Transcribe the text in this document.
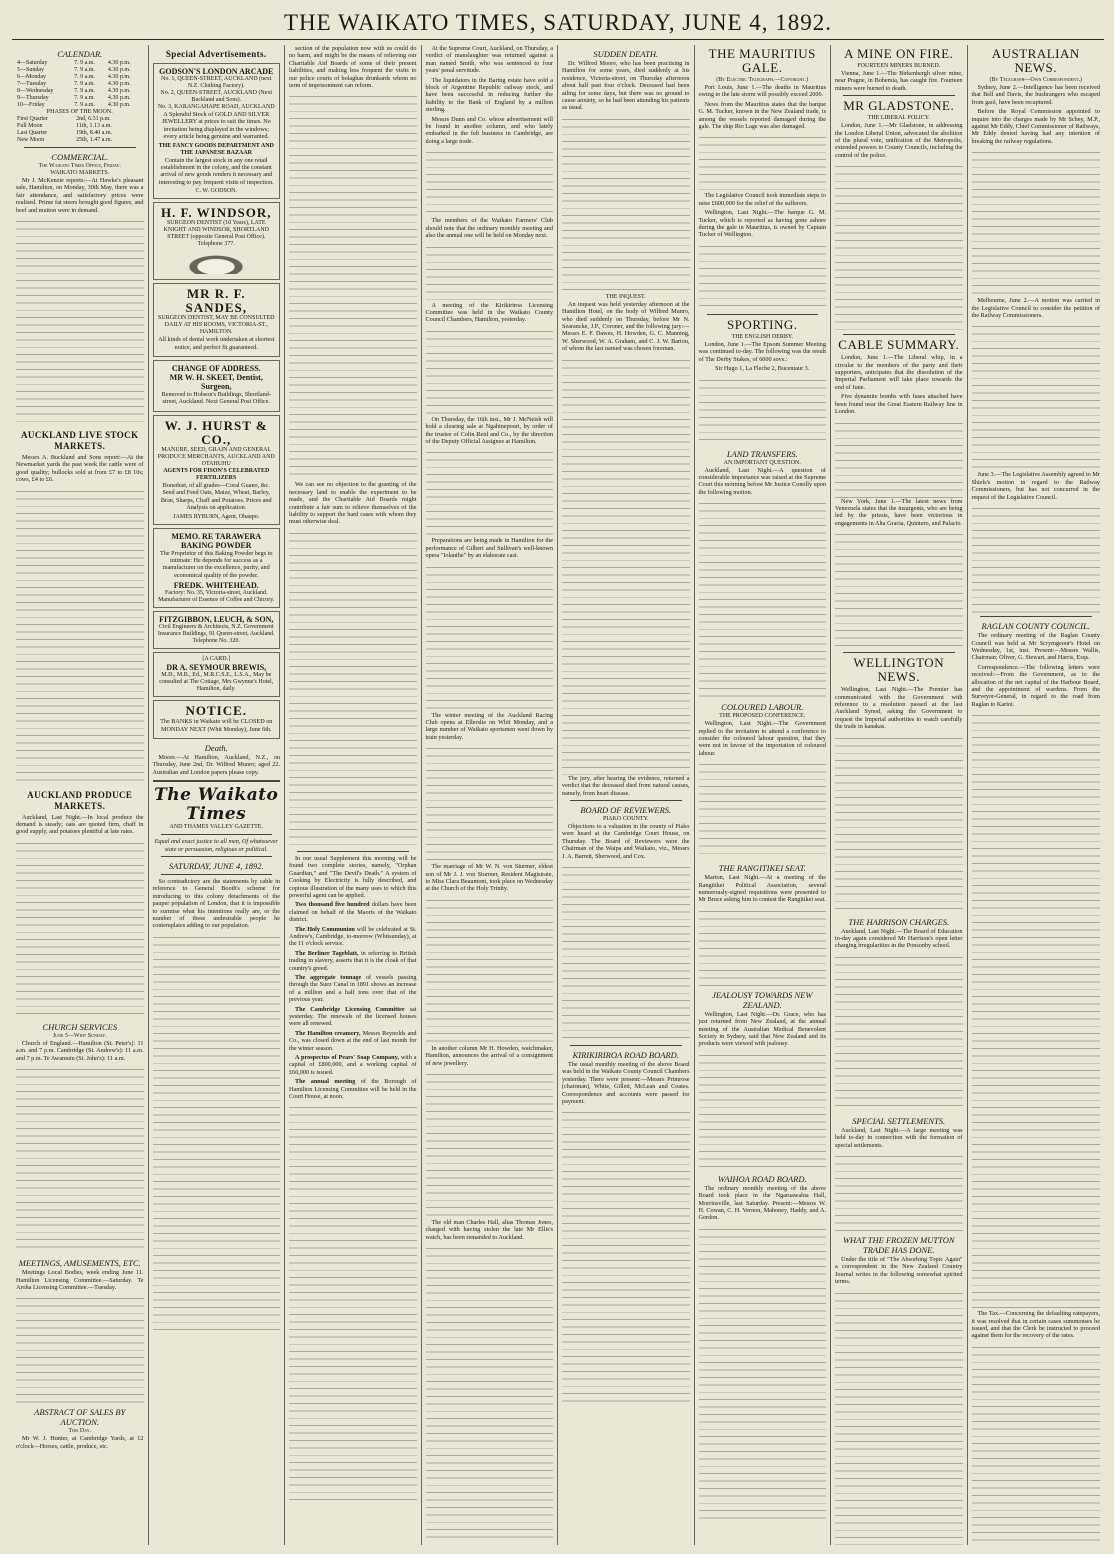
THE WAIKATO TIMES, SATURDAY, JUNE 4, 1892.
CALENDAR.
4—Saturday	7. 9 a.m.	4.30 p.m.
5—Sunday	7. 9 a.m.	4.30 p.m.
6—Monday	7. 9 a.m.	4.30 p.m.
7—Tuesday	7. 9 a.m.	4.30 p.m.
8—Wednesday	7. 9 a.m.	4.30 p.m.
9—Thursday	7. 9 a.m.	4.30 p.m.
10—Friday	7. 9 a.m.	4.30 p.m.
PHASES OF THE MOON.
First Quarter	2nd, 6.31 p.m.
Full Moon	11th, 1.13 a.m.
Last Quarter	19th, 8.40 a.m.
New Moon	25th, 1.47 a.m.
COMMERCIAL.
The Waikato Times Office, Friday.
WAIKATO MARKETS.

Mr J. McKenzie reports:—At Hawke's pleasant sale, Hamilton, on Monday, 30th May, there was a fair attendance, and satisfactory prices were realised. Prime fat steers brought good figures, and beef and mutton were in demand.

AUCKLAND LIVE STOCK MARKETS.

Messrs A. Buckland and Sons report:—At the Newmarket yards the past week the cattle were of good quality; bullocks sold at from £7 to £8 10s; cows, £4 to £6.

AUCKLAND PRODUCE MARKETS.

Auckland, Last Night.—In local produce the demand is steady; oats are quoted firm, chaff in good supply, and potatoes plentiful at late rates.

CHURCH SERVICES
June 5—Whit Sunday.

Church of England.—Hamilton (St. Peter's): 11 a.m. and 7 p.m. Cambridge (St. Andrew's): 11 a.m. and 7 p.m. Te Awamutu (St. John's): 11 a.m.

MEETINGS, AMUSEMENTS, ETC.

Meetings Local Bodies, week ending June 11. Hamilton Licensing Committee.—Saturday. Te Aroha Licensing Committee.—Tuesday.

ABSTRACT OF SALES BY AUCTION.
This Day.

Mr W. J. Hunter, at Cambridge Yards, at 12 o'clock—Horses, cattle, produce, etc.

Special Advertisements.
GODSON'S LONDON ARCADE
No. 1, QUEEN-STREET, AUCKLAND (next N.Z. Clothing Factory).
No. 2, QUEEN-STREET, AUCKLAND (Next Buckland and Sons).
No. 3, KARANGAHAPE ROAD, AUCKLAND

A Splendid Stock of GOLD AND SILVER JEWELLERY at prices to suit the times. No invitation being displayed in the windows; every article being genuine and warranted.

THE FANCY GOODS DEPARTMENT AND THE JAPANESE BAZAAR

Contain the largest stock in any one retail establishment in the colony, and the constant arrival of new goods renders it necessary and interesting to pay frequent visits of inspection.

C. W. GODSON.
H. F. WINDSOR,
SURGEON DENTIST (10 Years), LATE KNIGHT AND WINDSOR, SHORTLAND STREET (opposite General Post Office). Telephone 377.
MR R. F. SANDES,
SURGEON DENTIST, MAY BE CONSULTED DAILY AT HIS ROOMS, VICTORIA-ST., HAMILTON.

All kinds of dental work undertaken at shortest notice, and perfect fit guaranteed.

CHANGE OF ADDRESS.
MR W. H. SKEET, Dentist, Surgeon,

Removed to Hobson's Buildings, Shortland-street, Auckland. Next General Post Office.

W. J. HURST & CO.,
MANURE, SEED, GRAIN AND GENERAL PRODUCE MERCHANTS, AUCKLAND AND OTAHUHU
AGENTS FOR FISON'S CELEBRATED FERTILIZERS

Bonedust, of all grades—Coral Guano, &c. Seed and Feed Oats, Maize, Wheat, Barley, Bran, Sharps, Chaff and Potatoes. Prices and Analysis on application.

JAMES RYBURN, Agent, Ohaupo.
MEMO. RE TARAWERA BAKING POWDER

The Proprietor of this Baking Powder begs to intimate: He depends for success as a manufacturer on the excellence, purity, and economical quality of the powder.

FREDK. WHITEHEAD.
Factory: No. 35, Victoria-street, Auckland. Manufacturer of Essence of Coffee and Chicory.
FITZGIBBON, LEUCH, & SON,
Civil Engineers & Architects, N.Z. Government Insurance Buildings, 91 Queen-street, Auckland. Telephone No. 320.
[A CARD.]
DR A. SEYMOUR BREWIS,
M.D., M.B., Ed., M.R.C.S.E., L.S.A., May be consulted at The Cottage, Mrs Gwynne's Hotel, Hamilton, daily.
NOTICE.

The BANKS in Waikato will be CLOSED on MONDAY NEXT (Whit Monday), June 6th.

Death.

Moore.—At Hamilton, Auckland, N.Z., on Thursday, June 2nd, Dr. Wilfred Munro; aged 22. Australian and London papers please copy.

The Waikato Times
AND THAMES VALLEY GAZETTE.

Equal and exact justice to all men, Of whatsoever state or persuasion, religious or political.

SATURDAY, JUNE 4, 1892.

So contradictory are the statements by cable in reference to General Booth's scheme for introducing to this colony detachments of the pauper population of London, that it is impossible to surmise what his intentions really are, or the number of these undesirable people he contemplates adding to our population.

section of the population now with us could do no harm, and might be the means of relieving our Charitable Aid Boards of some of their present liabilities, and making less frequent the visits to our police courts of bolaghas drunkards whom no term of imprisonment can reform.

We can see no objection to the granting of the necessary land to enable the experiment to be made, and the Charitable Aid Boards might contribute a fair sum to relieve themselves of the liability to support the hard cases with whom they must otherwise deal.

In our usual Supplement this morning will be found two complete stories, namely, "Orphan Guardian," and "The Devil's Death." A system of Cooking by Electricity is fully described, and copious illustration of the many uses to which this powerful agent can be applied.

Two thousand five hundred dollars have been claimed on behalf of the Maoris of the Waikato district.

The Holy Communion will be celebrated at St. Andrew's, Cambridge, to-morrow (Whitsunday), at the 11 o'clock service.

The Berliner Tageblatt, in referring to British trading in slavery, asserts that it is the cloak of that country's greed.

The aggregate tonnage of vessels passing through the Suez Canal in 1891 shows an increase of a million and a half tons over that of the previous year.

The Cambridge Licensing Committee sat yesterday. The renewals of the licensed houses were all renewed.

The Hamilton creamery, Messrs Reynolds and Co., was closed down at the end of last month for the winter season.

A prospectus of Pears' Soap Company, with a capital of £800,000, and a working capital of £60,000 is issued.

The annual meeting of the Borough of Hamilton Licensing Committee will be held in the Court House, at noon.

At the Supreme Court, Auckland, on Thursday, a verdict of manslaughter was returned against a man named Smith, who was sentenced to four years' penal servitude.

The liquidators in the Baring estate have sold a block of Argentine Republic railway stock, and have been successful in reducing further the liability to the Bank of England by a million sterling.

Messrs Dunn and Co. whose advertisement will be found in another column, and who lately embarked in the felt business in Cambridge, are doing a large trade.

The members of the Waikato Farmers' Club should note that the ordinary monthly meeting and also the annual one will be held on Monday next.

A meeting of the Kirikiriroa Licensing Committee was held in the Waikato County Council Chambers, Hamilton, yesterday.

On Thursday, the 16th inst., Mr J. McNeish will hold a clearing sale at Ngahinepouri, by order of the trustee of Colin Reid and Co., by the direction of the Deputy Official Assignee at Hamilton.

Preparations are being made in Hamilton for the performance of Gilbert and Sullivan's well-known opera "Iolanthe" by an elaborate cast.

The winter meeting of the Auckland Racing Club opens at Ellerslie on Whit Monday, and a large number of Waikato sportsmen went down by train yesterday.

The marriage of Mr W. N. von Sturmer, eldest son of Mr J. J. von Sturmer, Resident Magistrate, to Miss Clara Beaumont, took place on Wednesday at the Church of the Holy Trinity.

In another column Mr H. Howden, watchmaker, Hamilton, announces the arrival of a consignment of new jewellery.

The old man Charles Hall, alias Thomas Jones, charged with having stolen the late Mr Ellis's watch, has been remanded to Auckland.

SUDDEN DEATH.

Dr. Wilfred Moore, who has been practising in Hamilton for some years, died suddenly at his residence, Victoria-street, on Thursday afternoon about half past four o'clock. Deceased had been ailing for some days, but there was no ground to cause anxiety, so he had been attending his patients as usual.

THE INQUEST.

An inquest was held yesterday afternoon at the Hamilton Hotel, on the body of Wilfred Munro, who died suddenly on Thursday, before Mr N. Searancke, J.P., Coroner, and the following jury:—Messrs E. F. Dawes, H. Howden, G. C. Manning, W. Sherwood, W. A. Graham, and C. J. W. Barton, of whom the last named was chosen foreman.

The jury, after hearing the evidence, returned a verdict that the deceased died from natural causes, namely, from heart disease.

BOARD OF REVIEWERS.
PIAKO COUNTY.

Objections to a valuation in the county of Piako were heard at the Cambridge Court House, on Thursday. The Board of Reviewers were the Chairman of the Waipa and Waikato, viz., Messrs J. A. Barrett, Sherwood, and Cox.

KIRIKIRIROA ROAD BOARD.

The usual monthly meeting of the above Board was held in the Waikato County Council Chambers yesterday. There were present:—Messrs Primrose (chairman), White, Gillett, McLean and Coates. Correspondence and accounts were passed for payment.

THE MAURITIUS GALE.
(By Electric Telegraph.—Copyright.)

Port Louis, June 1.—The deaths in Mauritius owing to the late storm will possibly exceed 2000.

News from the Mauritius states that the barque G. M. Tucker, known in the New Zealand trade, is among the vessels reported damaged during the gale. The ship Rio Lage was also damaged.

The Legislative Council took immediate steps to raise £600,000 for the relief of the sufferers.

Wellington, Last Night.—The barque G. M. Tucker, which is reported as having gone ashore during the gale in Mauritius, is owned by Captain Tucker of Wellington.

SPORTING.
THE ENGLISH DERBY.

London, June 1.—The Epsom Summer Meeting was continued to-day. The following was the result of The Derby Stakes, of 6000 sovs.:

Sir Hugo 1, La Fleche 2, Bucentaur 3.

LAND TRANSFERS.
AN IMPORTANT QUESTION.

Auckland, Last Night.—A question of considerable importance was raised at the Supreme Court this morning before Mr Justice Conolly upon the following motion.

COLOURED LABOUR.
THE PROPOSED CONFERENCE.

Wellington, Last Night.—The Government replied to the invitation to attend a conference to consider the coloured labour question, that they were not in favour of the importation of coloured labour.

THE RANGITIKEI SEAT.

Marton, Last Night.—At a meeting of the Rangitikei Political Association, several numerously-signed requisitions were presented to Mr Bruce asking him to contest the Rangitikei seat.

JEALOUSY TOWARDS NEW ZEALAND.

Wellington, Last Night.—Dr. Grace, who has just returned from New Zealand, at the annual meeting of the Australian Medical Benevolent Society in Sydney, said that New Zealand and its products were viewed with jealousy.

WAIHOA ROAD BOARD.

The ordinary monthly meeting of the above Board took place in the Ngaruawahia Hall, Morrinsville, last Saturday. Present:—Messrs W. H. Cowan, C. H. Vernon, Mahoney, Haddy, and A. Gordon.

A MINE ON FIRE.
FOURTEEN MINERS BURNED.

Vienna, June 1.—The Birkenbergh silver mine, near Pragne, in Bohemia, has caught fire. Fourteen miners were burned to death.

MR GLADSTONE.
THE LIBERAL POLICY.

London, June 1.—Mr Gladstone, in addressing the London Liberal Union, advocated the abolition of the plural vote, unification of the Metropolis, extended powers to County Councils, including the control of the police.

CABLE SUMMARY.

London, June 1.—The Liberal whip, in a circular to the members of the party and their supporters, anticipates that the dissolution of the Imperial Parliament will take place towards the end of June.

Five dynamite bombs with fuses attached have been found near the Great Eastern Railway line in London.

New York, June 1.—The latest news from Venezuela states that the insurgents, who are being led by the priests, have been victorious in engagements in Alta Gracia, Quintero, and Palacio.

WELLINGTON NEWS.

Wellington, Last Night.—The Premier has communicated with the Government with reference to a resolution passed at the last Auckland Synod, asking the Government to request the Imperial authorities to watch carefully the trade in kanakas.

THE HARRISON CHARGES.

Auckland, Last Night.—The Board of Education to-day again considered Mr Harrison's open letter charging irregularities in the Ponsonby school.

SPECIAL SETTLEMENTS.

Auckland, Last Night.—A large meeting was held to-day in connection with the formation of special settlements.

WHAT THE FROZEN MUTTON TRADE HAS DONE.

Under the title of "The Absorbing Topic Again" a correspondent in the New Zealand Country Journal writes in the following somewhat spirited terms.

AUSTRALIAN NEWS.
(By Telegraph—Own Correspondent.)

Sydney, June 2.—Intelligence has been received that Bell and Davis, the bushrangers who escaped from gaol, have been recaptured.

Before the Royal Commission appointed to inquire into the charges made by Mr Schey, M.P., against Mr Eddy, Chief Commissioner of Railways, Mr Eddy denied having had any intention of breaking the railway regulations.

Melbourne, June 2.—A motion was carried in the Legislative Council to consider the petition of the Railway Commissioners.

June 3.—The Legislative Assembly agreed to Mr Shiels's motion in regard to the Railway Commissioners, but has not concurred in the request of the Legislative Council.

RAGLAN COUNTY COUNCIL.

The ordinary meeting of the Raglan County Council was held at Mr Scrymgeour's Hotel on Wednesday, 1st, inst. Present:—Messrs Wallis, Chairman; Oliver, G. Stewart, and Harris, Esqs.

Correspondence.—The following letters were received:—From the Government, as to the allocation of the net capital of the Harbour Board, and the appointment of wardens. From the Surveyor-General, in regard to the road from Raglan to Karioi.

The Tax.—Concerning the defaulting ratepayers, it was resolved that in certain cases summonses be issued, and that the Clerk be instructed to proceed against them for the recovery of the rates.
